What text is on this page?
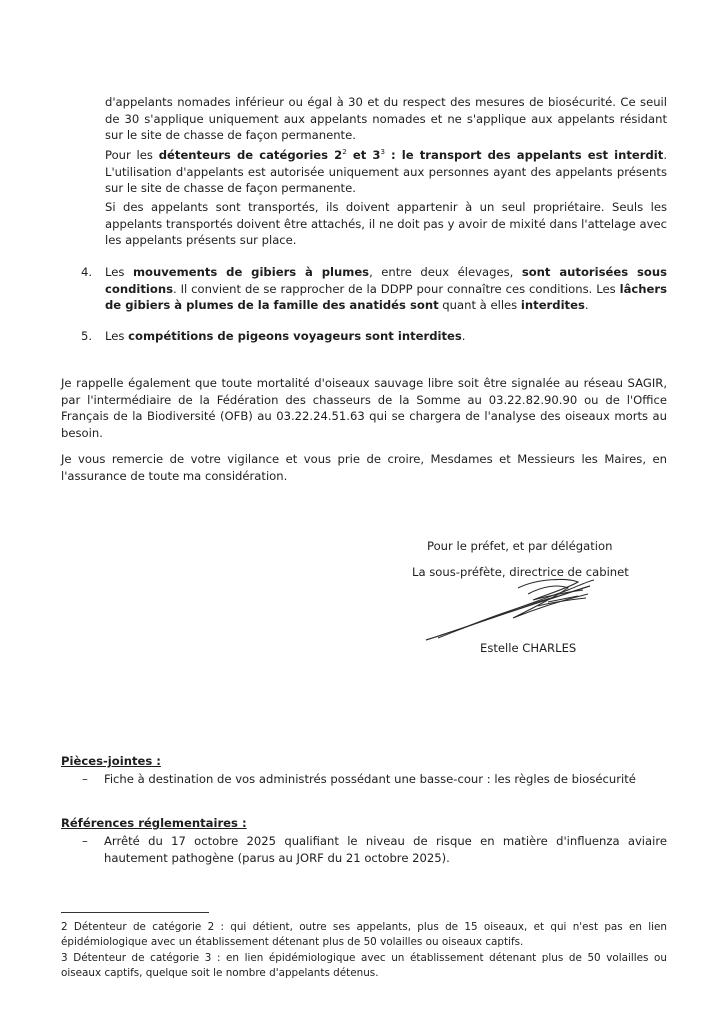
d'appelants nomades inférieur ou égal à 30 et du respect des mesures de biosécurité. Ce seuil de 30 s'applique uniquement aux appelants nomades et ne s'applique aux appelants résidant sur le site de chasse de façon permanente.

Pour les détenteurs de catégories $2^2$ et $3^3$ : le transport des appelants est interdit. L'utilisation d'appelants est autorisée uniquement aux personnes ayant des appelants présents sur le site de chasse de façon permanente.

Si des appelants sont transportés, ils doivent appartenir à un seul propriétaire. Seuls les appelants transportés doivent être attachés, il ne doit pas y avoir de mixité dans l'attelage avec les appelants présents sur place.

4. Les mouvements de gibiers à plumes, entre deux élevages, sont autorisées sous conditions. Il convient de se rapprocher de la DDPP pour connaître ces conditions. Les lâchers de gibiers à plumes de la famille des anatidés sont quant à elles interdites.

5. Les compétitions de pigeons voyageurs sont interdites.

Je rappelle également que toute mortalité d'oiseaux sauvage libre soit être signalée au réseau SAGIR, par l'intermédiaire de la Fédération des chasseurs de la Somme au 03.22.82.90.90 ou de l'Office Français de la Biodiversité (OFB) au 03.22.24.51.63 qui se chargera de l'analyse des oiseaux morts au besoin.

Je vous remercie de votre vigilance et vous prie de croire, Mesdames et Messieurs les Maires, en l'assurance de toute ma considération.

Pour le préfet, et par délégation
La sous-préfète, directrice de cabinet
Estelle CHARLES
Pièces-jointes :
– Fiche à destination de vos administrés possédant une basse-cour : les règles de biosécurité

Références réglementaires :
– Arrêté du 17 octobre 2025 qualifiant le niveau de risque en matière d'influenza aviaire hautement pathogène (parus au JORF du 21 octobre 2025).

2 Détenteur de catégorie 2 : qui détient, outre ses appelants, plus de 15 oiseaux, et qui n'est pas en lien épidémiologique avec un établissement détenant plus de 50 volailles ou oiseaux captifs.

3 Détenteur de catégorie 3 : en lien épidémiologique avec un établissement détenant plus de 50 volailles ou oiseaux captifs, quelque soit le nombre d'appelants détenus.
